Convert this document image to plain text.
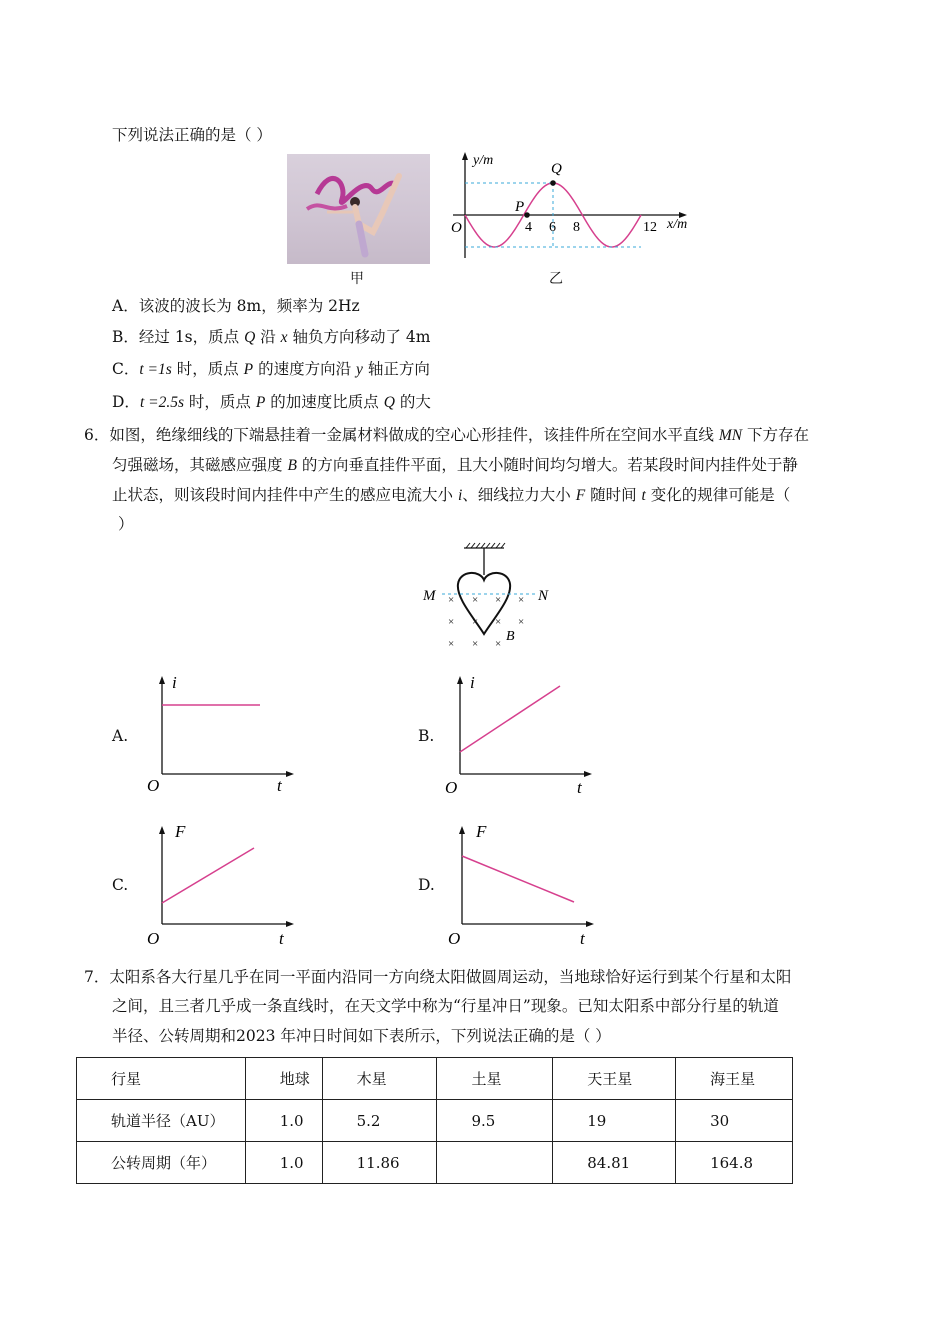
下列说法正确的是（ ）
甲
y/m
x/m
O
P
Q
4 6 8	12
乙
A．该波的波长为 8m，频率为 2Hz
B．经过 1s，质点 Q 沿 x 轴负方向移动了 4m
C．t =1s 时，质点 P 的速度方向沿 y 轴正方向
D．t =2.5s 时，质点 P 的加速度比质点 Q 的大
6．如图，绝缘细线的下端悬挂着一金属材料做成的空心心形挂件，该挂件所在空间水平直线 MN 下方存在
匀强磁场，其磁感应强度 B 的方向垂直挂件平面，且大小随时间均匀增大。若某段时间内挂件处于静
止状态，则该段时间内挂件中产生的感应电流大小 i、细线拉力大小 F 随时间 t 变化的规律可能是（
）
M	N
B
× × × ×
× × × ×
× × ×
A.
i
t
O
B.
i
t
O
C.
F
t
O
D.
F
t
O
7．太阳系各大行星几乎在同一平面内沿同一方向绕太阳做圆周运动，当地球恰好运行到某个行星和太阳
之间，且三者几乎成一条直线时，在天文学中称为“行星冲日”现象。已知太阳系中部分行星的轨道
半径、公转周期和2023 年冲日时间如下表所示，下列说法正确的是（ ）
行星	地球	木星	土星	天王星	海王星
轨道半径（AU）	1.0	5.2	9.5	19	30
公转周期（年）	1.0	11.86		84.81	164.8
